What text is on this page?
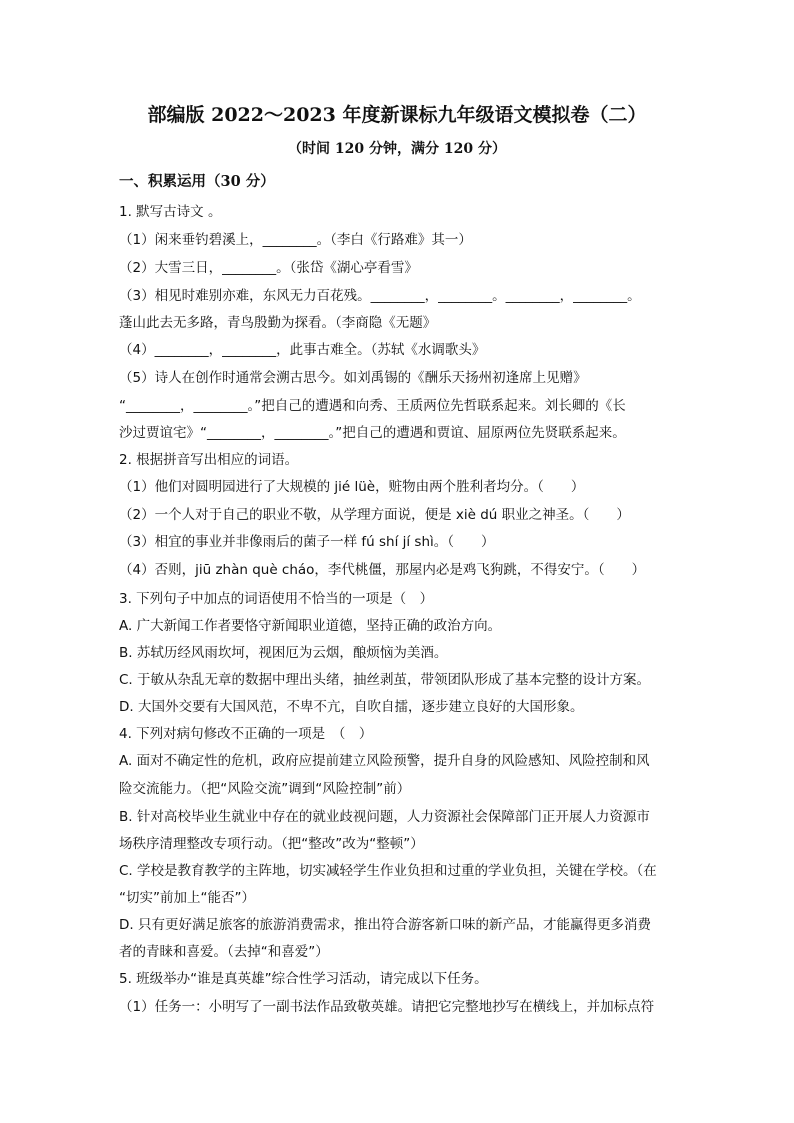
部编版 2022～2023 年度新课标九年级语文模拟卷（二）
（时间 120 分钟，满分 120 分）
一、积累运用（30 分）
1. 默写古诗文 。
（1）闲来垂钓碧溪上，________。（李白《行路难》其一）
（2）大雪三日，________。（张岱《湖心亭看雪》
（3）相见时难别亦难，东风无力百花残。________，________。________，________。
蓬山此去无多路，青鸟殷勤为探看。（李商隐《无题》
（4）________，________，此事古难全。（苏轼《水调歌头》
（5）诗人在创作时通常会溯古思今。如刘禹锡的《酬乐天扬州初逢席上见赠》
“________，________。”把自己的遭遇和向秀、王质两位先哲联系起来。刘长卿的《长
沙过贾谊宅》“________，________。”把自己的遭遇和贾谊、屈原两位先贤联系起来。
2. 根据拼音写出相应的词语。
（1）他们对圆明园进行了大规模的 jié lüè，赃物由两个胜利者均分。（　　）
（2）一个人对于自己的职业不敬，从学理方面说，便是 xiè dú 职业之神圣。（　　）
（3）相宜的事业并非像雨后的菌子一样 fú shí jí shì。（　　）
（4）否则，jiū zhàn què cháo，李代桃僵，那屋内必是鸡飞狗跳，不得安宁。（　　）
3. 下列句子中加点的词语使用不恰当的一项是（　）
A. 广大新闻工作者要恪守新闻职业道德，坚持正确的政治方向。
B. 苏轼历经风雨坎坷，视困厄为云烟，酿烦恼为美酒。
C. 于敏从杂乱无章的数据中理出头绪，抽丝剥茧，带领团队形成了基本完整的设计方案。
D. 大国外交要有大国风范，不卑不亢，自吹自擂，逐步建立良好的大国形象。
4. 下列对病句修改不正确的一项是　（　）
A. 面对不确定性的危机，政府应提前建立风险预警，提升自身的风险感知、风险控制和风
险交流能力。（把“风险交流”调到“风险控制”前）
B. 针对高校毕业生就业中存在的就业歧视问题，人力资源社会保障部门正开展人力资源市
场秩序清理整改专项行动。（把“整改”改为“整顿”）
C. 学校是教育教学的主阵地，切实减轻学生作业负担和过重的学业负担，关键在学校。（在
“切实”前加上“能否”）
D. 只有更好满足旅客的旅游消费需求，推出符合游客新口味的新产品，才能赢得更多消费
者的青睐和喜爱。（去掉“和喜爱”）
5. 班级举办“谁是真英雄”综合性学习活动，请完成以下任务。
（1）任务一：小明写了一副书法作品致敬英雄。请把它完整地抄写在横线上，并加标点符
